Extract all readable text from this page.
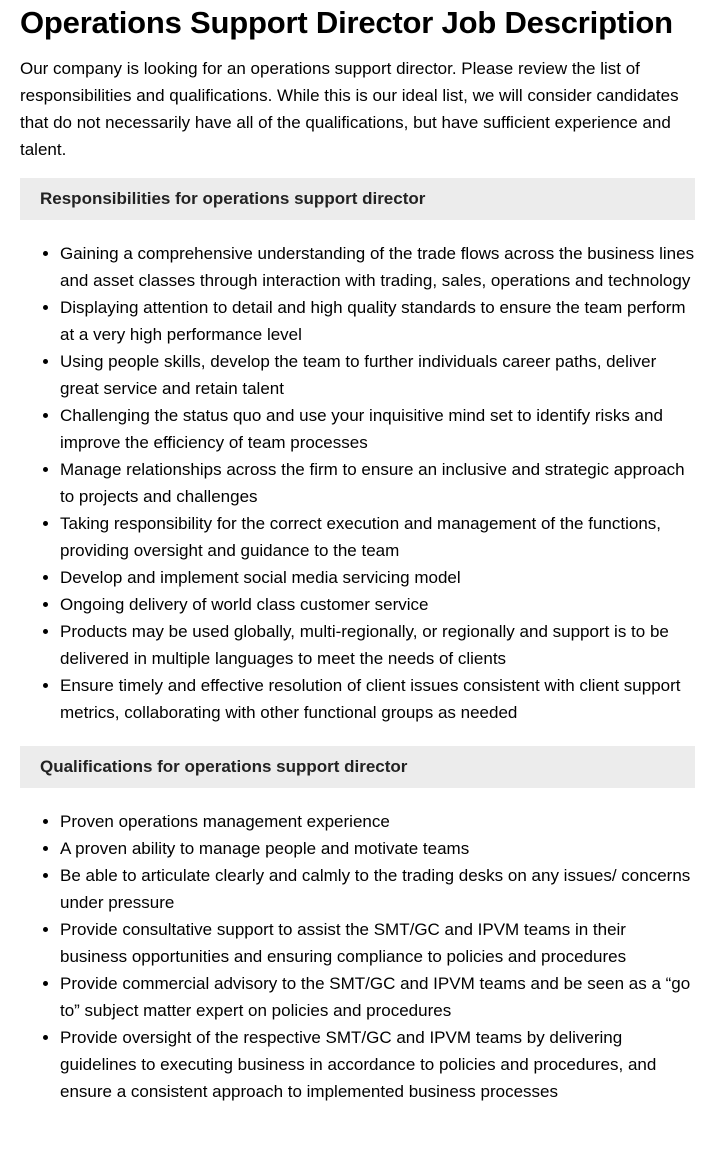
Operations Support Director Job Description

Our company is looking for an operations support director. Please review the list of responsibilities and qualifications. While this is our ideal list, we will consider candidates that do not necessarily have all of the qualifications, but have sufficient experience and talent.

Responsibilities for operations support director
• Gaining a comprehensive understanding of the trade flows across the business lines and asset classes through interaction with trading, sales, operations and technology
• Displaying attention to detail and high quality standards to ensure the team perform at a very high performance level
• Using people skills, develop the team to further individuals career paths, deliver great service and retain talent
• Challenging the status quo and use your inquisitive mind set to identify risks and improve the efficiency of team processes
• Manage relationships across the firm to ensure an inclusive and strategic approach to projects and challenges
• Taking responsibility for the correct execution and management of the functions, providing oversight and guidance to the team
• Develop and implement social media servicing model
• Ongoing delivery of world class customer service
• Products may be used globally, multi-regionally, or regionally and support is to be delivered in multiple languages to meet the needs of clients
• Ensure timely and effective resolution of client issues consistent with client support metrics, collaborating with other functional groups as needed
Qualifications for operations support director
• Proven operations management experience
• A proven ability to manage people and motivate teams
• Be able to articulate clearly and calmly to the trading desks on any issues/ concerns under pressure
• Provide consultative support to assist the SMT/GC and IPVM teams in their business opportunities and ensuring compliance to policies and procedures
• Provide commercial advisory to the SMT/GC and IPVM teams and be seen as a “go to” subject matter expert on policies and procedures
• Provide oversight of the respective SMT/GC and IPVM teams by delivering guidelines to executing business in accordance to policies and procedures, and ensure a consistent approach to implemented business processes
